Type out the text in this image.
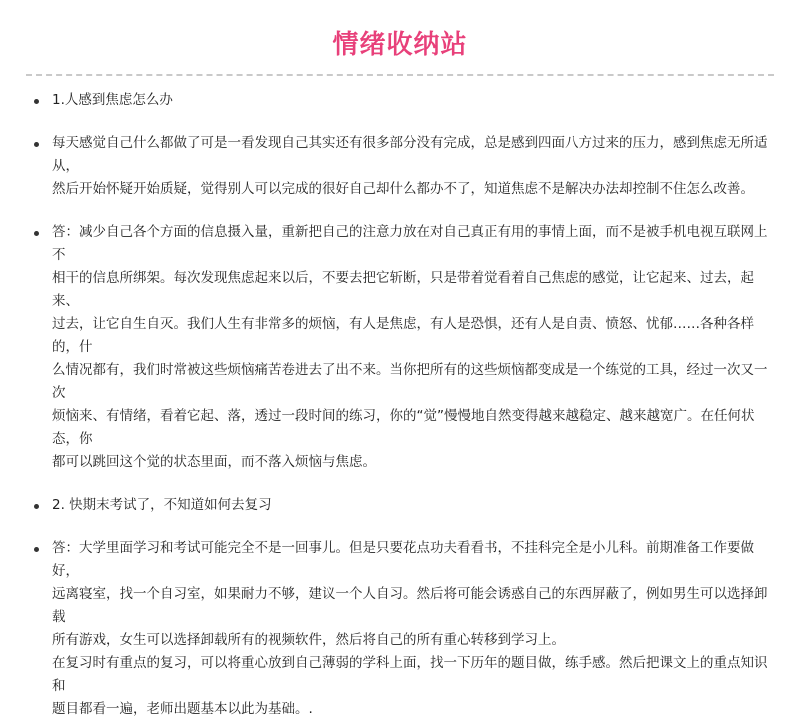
情绪收纳站
1.人感到焦虑怎么办
每天感觉自己什么都做了可是一看发现自己其实还有很多部分没有完成，总是感到四面八方过来的压力，感到焦虑无所适从，
然后开始怀疑开始质疑，觉得别人可以完成的很好自己却什么都办不了，知道焦虑不是解决办法却控制不住怎么改善。
答：减少自己各个方面的信息摄入量，重新把自己的注意力放在对自己真正有用的事情上面，而不是被手机电视互联网上不
相干的信息所绑架。每次发现焦虑起来以后，不要去把它斩断，只是带着觉看着自己焦虑的感觉，让它起来、过去，起来、
过去，让它自生自灭。我们人生有非常多的烦恼，有人是焦虑，有人是恐惧，还有人是自责、愤怒、忧郁……各种各样的，什
么情况都有，我们时常被这些烦恼痛苦卷进去了出不来。当你把所有的这些烦恼都变成是一个练觉的工具，经过一次又一次
烦恼来、有情绪，看着它起、落，透过一段时间的练习，你的“觉”慢慢地自然变得越来越稳定、越来越宽广。在任何状态，你
都可以跳回这个觉的状态里面，而不落入烦恼与焦虑。
2. 快期末考试了，不知道如何去复习
答：大学里面学习和考试可能完全不是一回事儿。但是只要花点功夫看看书，不挂科完全是小儿科。前期准备工作要做好，
远离寝室，找一个自习室，如果耐力不够，建议一个人自习。然后将可能会诱惑自己的东西屏蔽了，例如男生可以选择卸载
所有游戏，女生可以选择卸载所有的视频软件，然后将自己的所有重心转移到学习上。
在复习时有重点的复习，可以将重心放到自己薄弱的学科上面，找一下历年的题目做，练手感。然后把课文上的重点知识和
题目都看一遍，老师出题基本以此为基础。.
